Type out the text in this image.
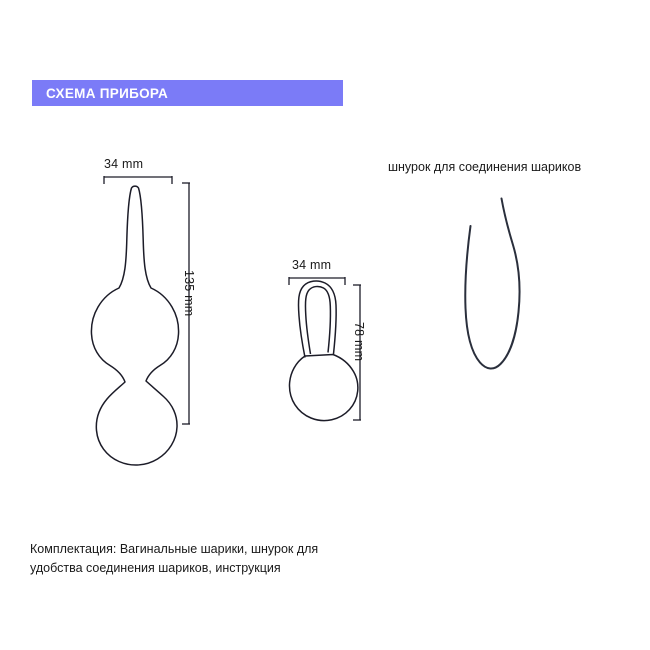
СХЕМА ПРИБОРА
34 mm
135 mm
34 mm
78 mm
шнурок для соединения шариков
Комплектация: Вагинальные шарики, шнурок для
удобства соединения шариков, инструкция
